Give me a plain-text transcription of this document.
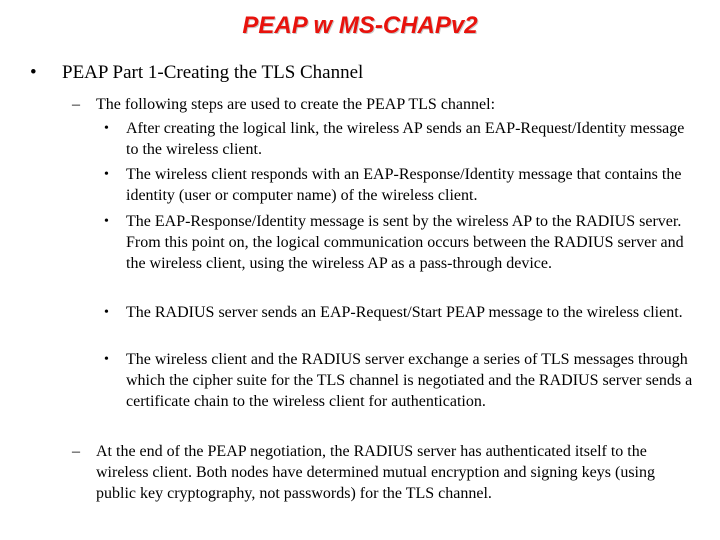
PEAP w MS-CHAPv2
• PEAP Part 1-Creating the TLS Channel
– The following steps are used to create the PEAP TLS channel:
• After creating the logical link, the wireless AP sends an EAP-Request/Identity message to the wireless client.
• The wireless client responds with an EAP-Response/Identity message that contains the identity (user or computer name) of the wireless client.
• The EAP-Response/Identity message is sent by the wireless AP to the RADIUS server. From this point on, the logical communication occurs between the RADIUS server and the wireless client, using the wireless AP as a pass-through device.
• The RADIUS server sends an EAP-Request/Start PEAP message to the wireless client.
• The wireless client and the RADIUS server exchange a series of TLS messages through which the cipher suite for the TLS channel is negotiated and the RADIUS server sends a certificate chain to the wireless client for authentication.
– At the end of the PEAP negotiation, the RADIUS server has authenticated itself to the wireless client. Both nodes have determined mutual encryption and signing keys (using public key cryptography, not passwords) for the TLS channel.
